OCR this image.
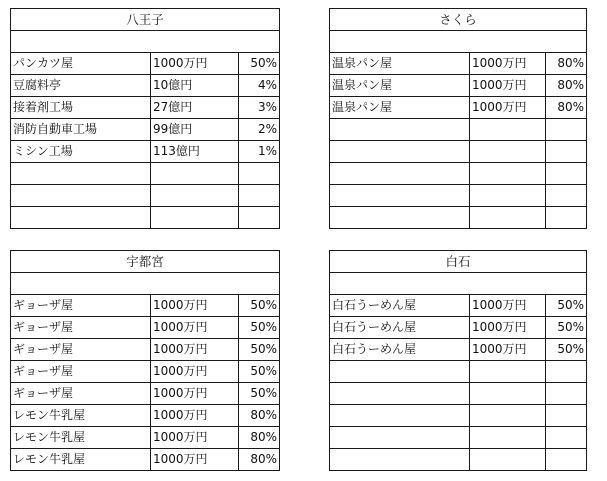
八王子		

パンカツ屋	1000万円	50%
豆腐料亭	10億円	4%
接着剤工場	27億円	3%
消防自動車工場	99億円	2%
ミシン工場	113億円	1%

さくら		

温泉パン屋	1000万円	80%
温泉パン屋	1000万円	80%
温泉パン屋	1000万円	80%

宇都宮		

ギョーザ屋	1000万円	50%
ギョーザ屋	1000万円	50%
ギョーザ屋	1000万円	50%
ギョーザ屋	1000万円	50%
ギョーザ屋	1000万円	50%
レモン牛乳屋	1000万円	80%
レモン牛乳屋	1000万円	80%
レモン牛乳屋	1000万円	80%
白石		

白石うーめん屋	1000万円	50%
白石うーめん屋	1000万円	50%
白石うーめん屋	1000万円	50%
